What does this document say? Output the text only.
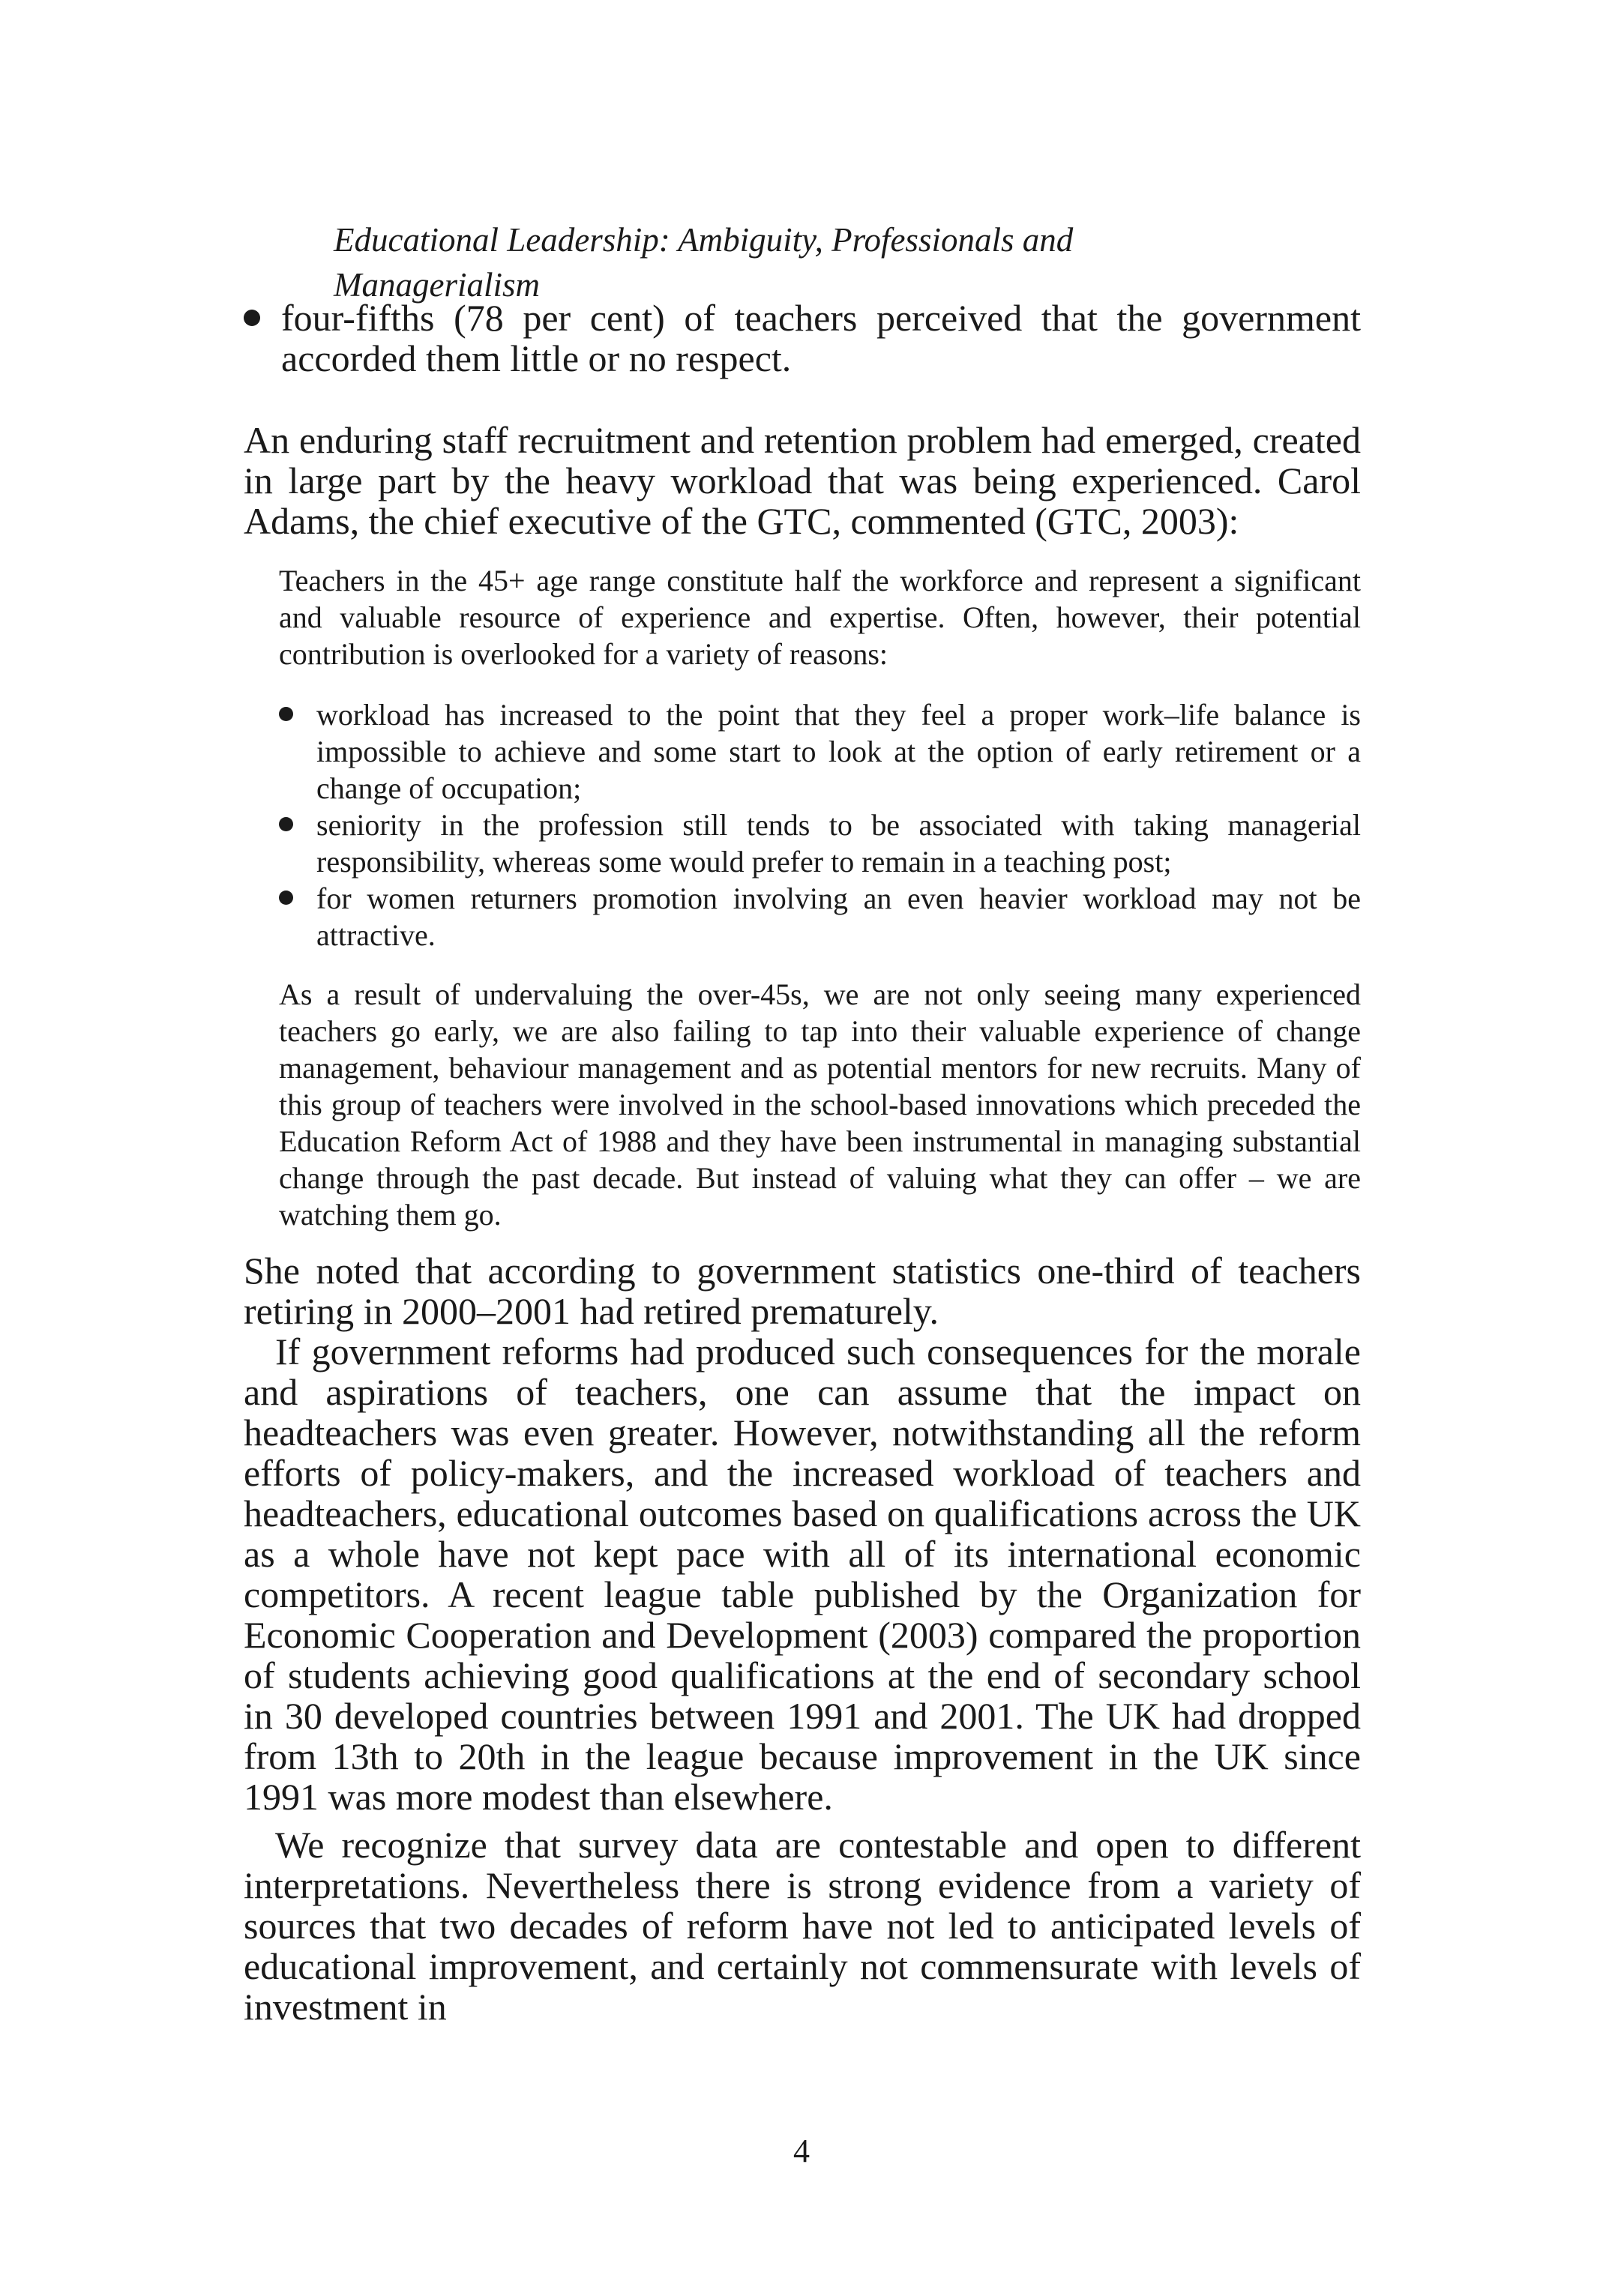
Educational Leadership: Ambiguity, Professionals and Managerialism

four-fifths (78 per cent) of teachers perceived that the government accorded them little or no respect.

An enduring staff recruitment and retention problem had emerged, created in large part by the heavy workload that was being experienced. Carol Adams, the chief executive of the GTC, commented (GTC, 2003):

Teachers in the 45+ age range constitute half the workforce and represent a significant and valuable resource of experience and expertise. Often, however, their potential contribution is overlooked for a variety of reasons:

workload has increased to the point that they feel a proper work–life balance is impossible to achieve and some start to look at the option of early retirement or a change of occupation;

seniority in the profession still tends to be associated with taking managerial responsibility, whereas some would prefer to remain in a teaching post;

for women returners promotion involving an even heavier workload may not be attractive.

As a result of undervaluing the over-45s, we are not only seeing many experienced teachers go early, we are also failing to tap into their valuable experience of change management, behaviour management and as potential mentors for new recruits. Many of this group of teachers were involved in the school-based innovations which preceded the Education Reform Act of 1988 and they have been instrumental in managing substantial change through the past decade. But instead of valuing what they can offer – we are watching them go.

She noted that according to government statistics one-third of teachers retiring in 2000–2001 had retired prematurely.

If government reforms had produced such consequences for the morale and aspirations of teachers, one can assume that the impact on headteachers was even greater. However, notwithstanding all the reform efforts of policy-makers, and the increased workload of teachers and headteachers, educational outcomes based on qualifications across the UK as a whole have not kept pace with all of its international economic competitors. A recent league table published by the Organization for Economic Cooperation and Development (2003) compared the proportion of students achieving good qualifications at the end of secondary school in 30 developed countries between 1991 and 2001. The UK had dropped from 13th to 20th in the league because improvement in the UK since 1991 was more modest than elsewhere.

We recognize that survey data are contestable and open to different interpretations. Nevertheless there is strong evidence from a variety of sources that two decades of reform have not led to anticipated levels of educational improvement, and certainly not commensurate with levels of investment in

4
